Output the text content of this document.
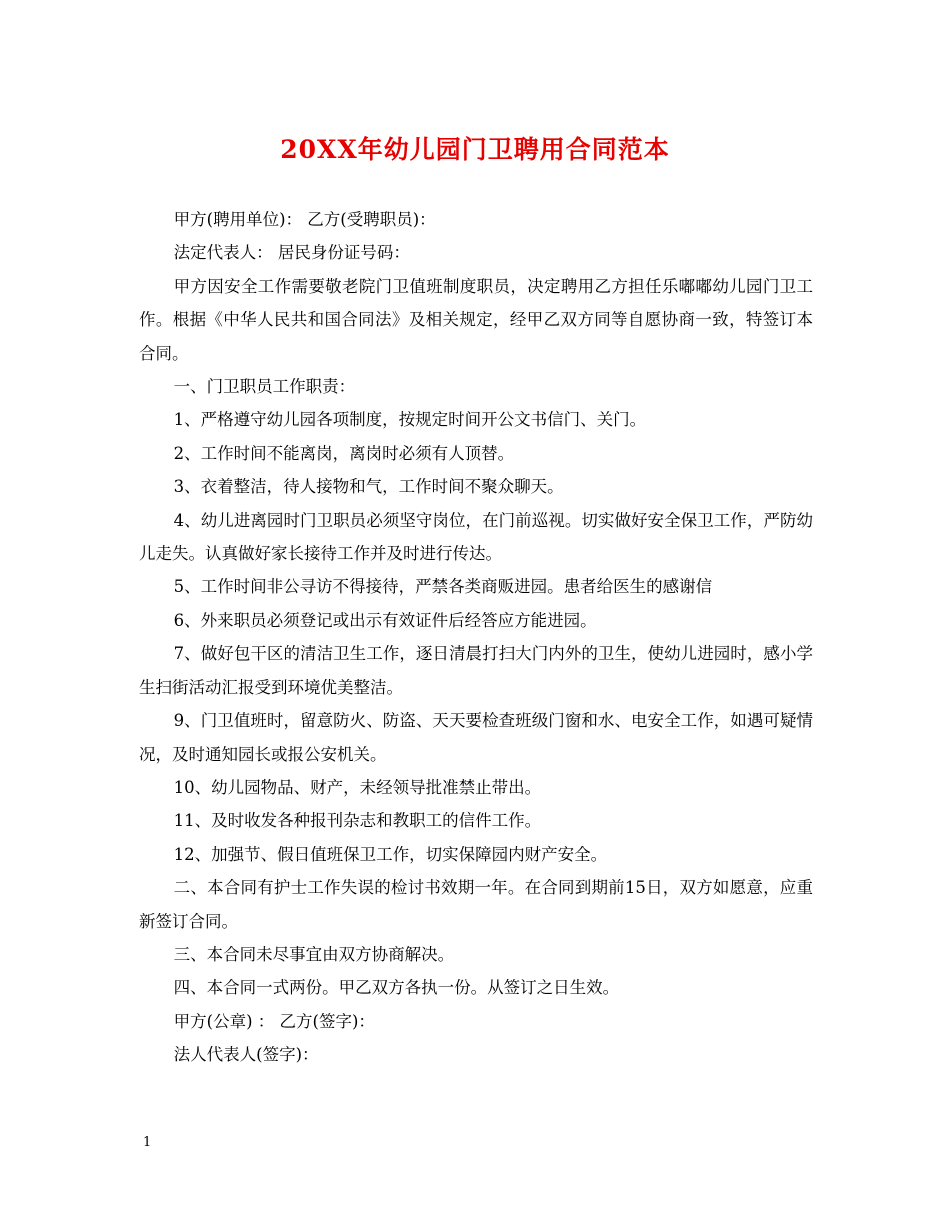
20XX年幼儿园门卫聘用合同范本

甲方(聘用单位)： 乙方(受聘职员)：

法定代表人： 居民身份证号码：

甲方因安全工作需要敬老院门卫值班制度职员，决定聘用乙方担任乐嘟嘟幼儿园门卫工作。根据《中华人民共和国合同法》及相关规定，经甲乙双方同等自愿协商一致，特签订本合同。

一、门卫职员工作职责：

1、严格遵守幼儿园各项制度，按规定时间开公文书信门、关门。

2、工作时间不能离岗，离岗时必须有人顶替。

3、衣着整洁，待人接物和气，工作时间不聚众聊天。

4、幼儿进离园时门卫职员必须坚守岗位，在门前巡视。切实做好安全保卫工作，严防幼儿走失。认真做好家长接待工作并及时进行传达。

5、工作时间非公寻访不得接待，严禁各类商贩进园。患者给医生的感谢信

6、外来职员必须登记或出示有效证件后经答应方能进园。

7、做好包干区的清洁卫生工作，逐日清晨打扫大门内外的卫生，使幼儿进园时，感小学生扫街活动汇报受到环境优美整洁。

9、门卫值班时，留意防火、防盗、天天要检查班级门窗和水、电安全工作，如遇可疑情况，及时通知园长或报公安机关。

10、幼儿园物品、财产，未经领导批准禁止带出。

11、及时收发各种报刊杂志和教职工的信件工作。

12、加强节、假日值班保卫工作，切实保障园内财产安全。

二、本合同有护士工作失误的检讨书效期一年。在合同到期前15日，双方如愿意，应重新签订合同。

三、本合同未尽事宜由双方协商解决。

四、本合同一式两份。甲乙双方各执一份。从签订之日生效。

甲方(公章) ： 乙方(签字)：

法人代表人(签字)：

1
